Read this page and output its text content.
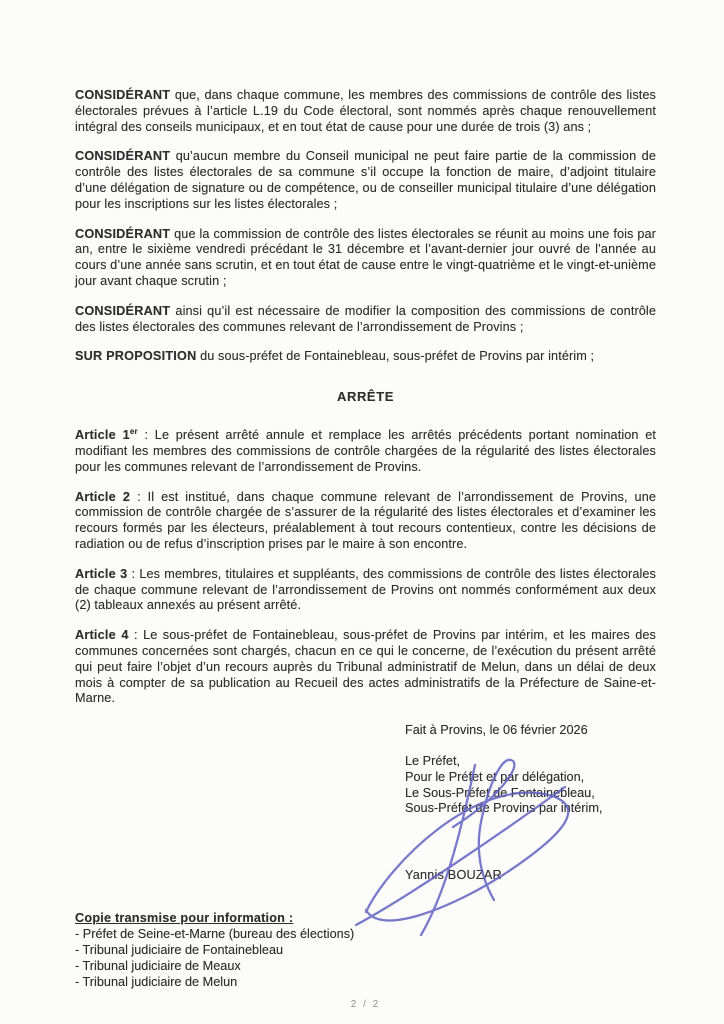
CONSIDÉRANT que, dans chaque commune, les membres des commissions de contrôle des listes électorales prévues à l’article L.19 du Code électoral, sont nommés après chaque renouvellement intégral des conseils municipaux, et en tout état de cause pour une durée de trois (3) ans ;

CONSIDÉRANT qu’aucun membre du Conseil municipal ne peut faire partie de la commission de contrôle des listes électorales de sa commune s’il occupe la fonction de maire, d’adjoint titulaire d’une délégation de signature ou de compétence, ou de conseiller municipal titulaire d’une délégation pour les inscriptions sur les listes électorales ;

CONSIDÉRANT que la commission de contrôle des listes électorales se réunit au moins une fois par an, entre le sixième vendredi précédant le 31 décembre et l’avant-dernier jour ouvré de l’année au cours d’une année sans scrutin, et en tout état de cause entre le vingt-quatrième et le vingt-et-unième jour avant chaque scrutin ;

CONSIDÉRANT ainsi qu’il est nécessaire de modifier la composition des commissions de contrôle des listes électorales des communes relevant de l’arrondissement de Provins ;

SUR PROPOSITION du sous-préfet de Fontainebleau, sous-préfet de Provins par intérim ;

ARRÊTE

Article 1er : Le présent arrêté annule et remplace les arrêtés précédents portant nomination et modifiant les membres des commissions de contrôle chargées de la régularité des listes électorales pour les communes relevant de l’arrondissement de Provins.

Article 2 : Il est institué, dans chaque commune relevant de l’arrondissement de Provins, une commission de contrôle chargée de s’assurer de la régularité des listes électorales et d’examiner les recours formés par les électeurs, préalablement à tout recours contentieux, contre les décisions de radiation ou de refus d’inscription prises par le maire à son encontre.

Article 3 : Les membres, titulaires et suppléants, des commissions de contrôle des listes électorales de chaque commune relevant de l’arrondissement de Provins ont nommés conformément aux deux (2) tableaux annexés au présent arrêté.

Article 4 : Le sous-préfet de Fontainebleau, sous-préfet de Provins par intérim, et les maires des communes concernées sont chargés, chacun en ce qui le concerne, de l’exécution du présent arrêté qui peut faire l’objet d’un recours auprès du Tribunal administratif de Melun, dans un délai de deux mois à compter de sa publication au Recueil des actes administratifs de la Préfecture de Saine-et-Marne.

Fait à Provins, le 06 février 2026
Le Préfet,
Pour le Préfet et par délégation,
Le Sous-Préfet de Fontainebleau,
Sous-Préfet de Provins par intérim,
Yannis BOUZAR
Copie transmise pour information :
- Préfet de Seine-et-Marne (bureau des élections)
- Tribunal judiciaire de Fontainebleau
- Tribunal judiciaire de Meaux
- Tribunal judiciaire de Melun
2 / 2
